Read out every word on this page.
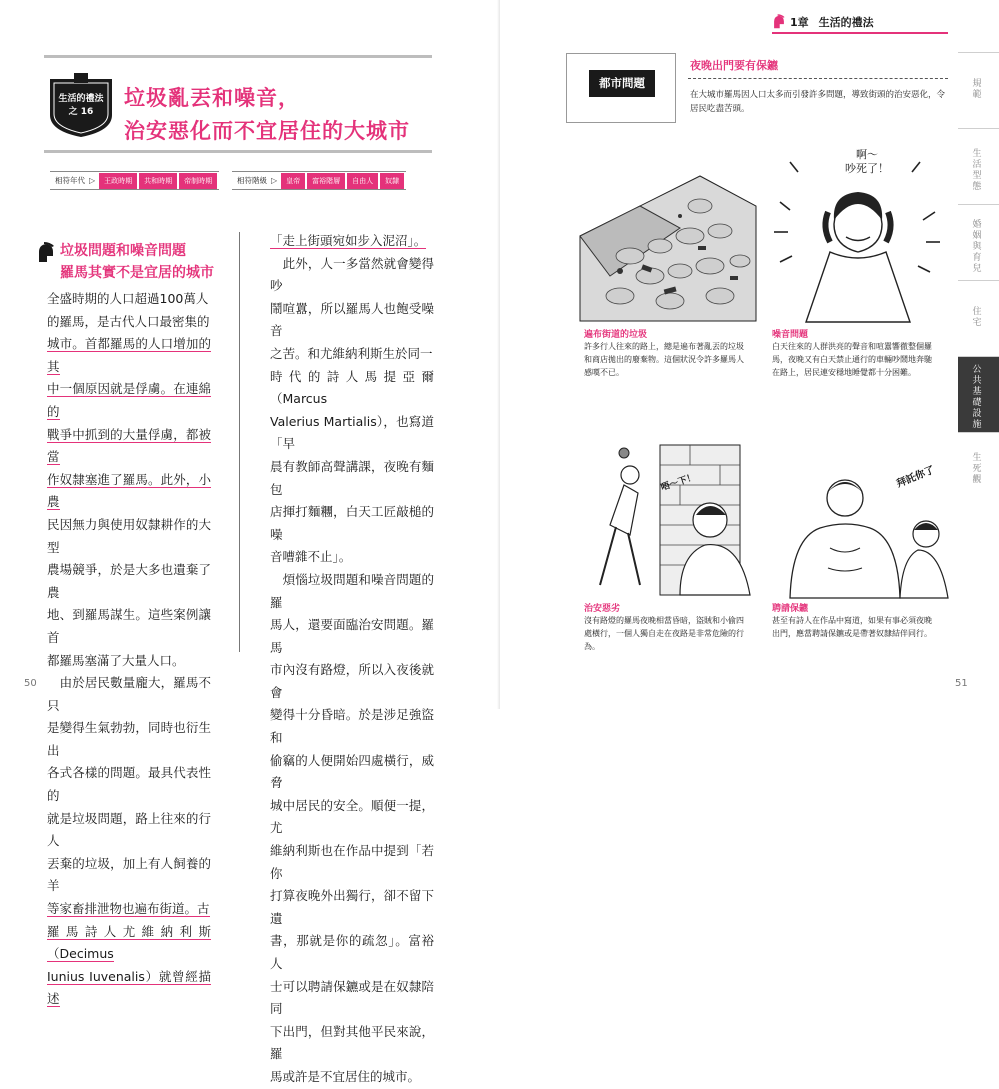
生活的禮法
之 16
垃圾亂丟和噪音，
治安惡化而不宜居住的大城市
相符年代 ▷	王政時期	共和時期	帝制時期	相符階級 ▷	皇帝	富裕階層	自由人	奴隸
垃圾問題和噪音問題
羅馬其實不是宜居的城市

全盛時期的人口超過100萬人

的羅馬，是古代人口最密集的

城市。首都羅馬的人口增加的其

中一個原因就是俘虜。在連綿的

戰爭中抓到的大量俘虜，都被當

作奴隸塞進了羅馬。此外，小農

民因無力與使用奴隸耕作的大型

農場競爭，於是大多也遺棄了農

地、到羅馬謀生。這些案例讓首

都羅馬塞滿了大量人口。

　由於居民數量龐大，羅馬不只

是變得生氣勃勃，同時也衍生出

各式各樣的問題。最具代表性的

就是垃圾問題，路上往來的行人

丟棄的垃圾，加上有人飼養的羊

等家畜排泄物也遍布街道。古

羅馬詩人尤維納利斯（Decimus

Iunius Iuvenalis）就曾經描述

「走上街頭宛如步入泥沼」。

　此外，人一多當然就會變得吵

鬧喧囂，所以羅馬人也飽受噪音

之苦。和尤維納利斯生於同一

時代的詩人馬提亞爾（Marcus

Valerius Martialis），也寫道「早

晨有教師高聲講課，夜晚有麵包

店揮打麵糰，白天工匠敲槌的噪

音嘈雜不止」。

　煩惱垃圾問題和噪音問題的羅

馬人，還要面臨治安問題。羅馬

市內沒有路燈，所以入夜後就會

變得十分昏暗。於是涉足強盜和

偷竊的人便開始四處橫行，威脅

城中居民的安全。順便一提，尤

維納利斯也在作品中提到「若你

打算夜晚外出獨行，卻不留下遺

書，那就是你的疏忽」。富裕人

士可以聘請保鑣或是在奴隸陪同

下出門，但對其他平民來說，羅

馬或許是不宜居住的城市。

50
1章 生活的禮法
都市問題
夜晚出門要有保鑣
在大城市羅馬因人口太多而引發許多問題，導致街頭的治安惡化，令居民吃盡苦頭。
遍布街道的垃圾
許多行人往來的路上，總是遍布著亂丟的垃圾和商店拋出的廢棄物。這個狀況令許多羅馬人感嘆不已。
啊～
吵死了！
噪音問題
白天往來的人群洪亮的聲音和喧囂響徹整個羅馬，夜晚又有白天禁止通行的車輛吵鬧地奔馳在路上，居民連安穩地睡覺都十分困難。
唔～下！
治安惡劣
沒有路燈的羅馬夜晚相當昏暗，盜賊和小偷四處橫行，一個人獨自走在夜路是非常危險的行為。
拜託你了
聘請保鑣
甚至有詩人在作品中寫道，如果有事必須夜晚出門，應當聘請保鑣或是帶著奴隸結伴同行。
規範
生活型態
婚姻與育兒
住宅
公共基礎設施
生死觀
51
